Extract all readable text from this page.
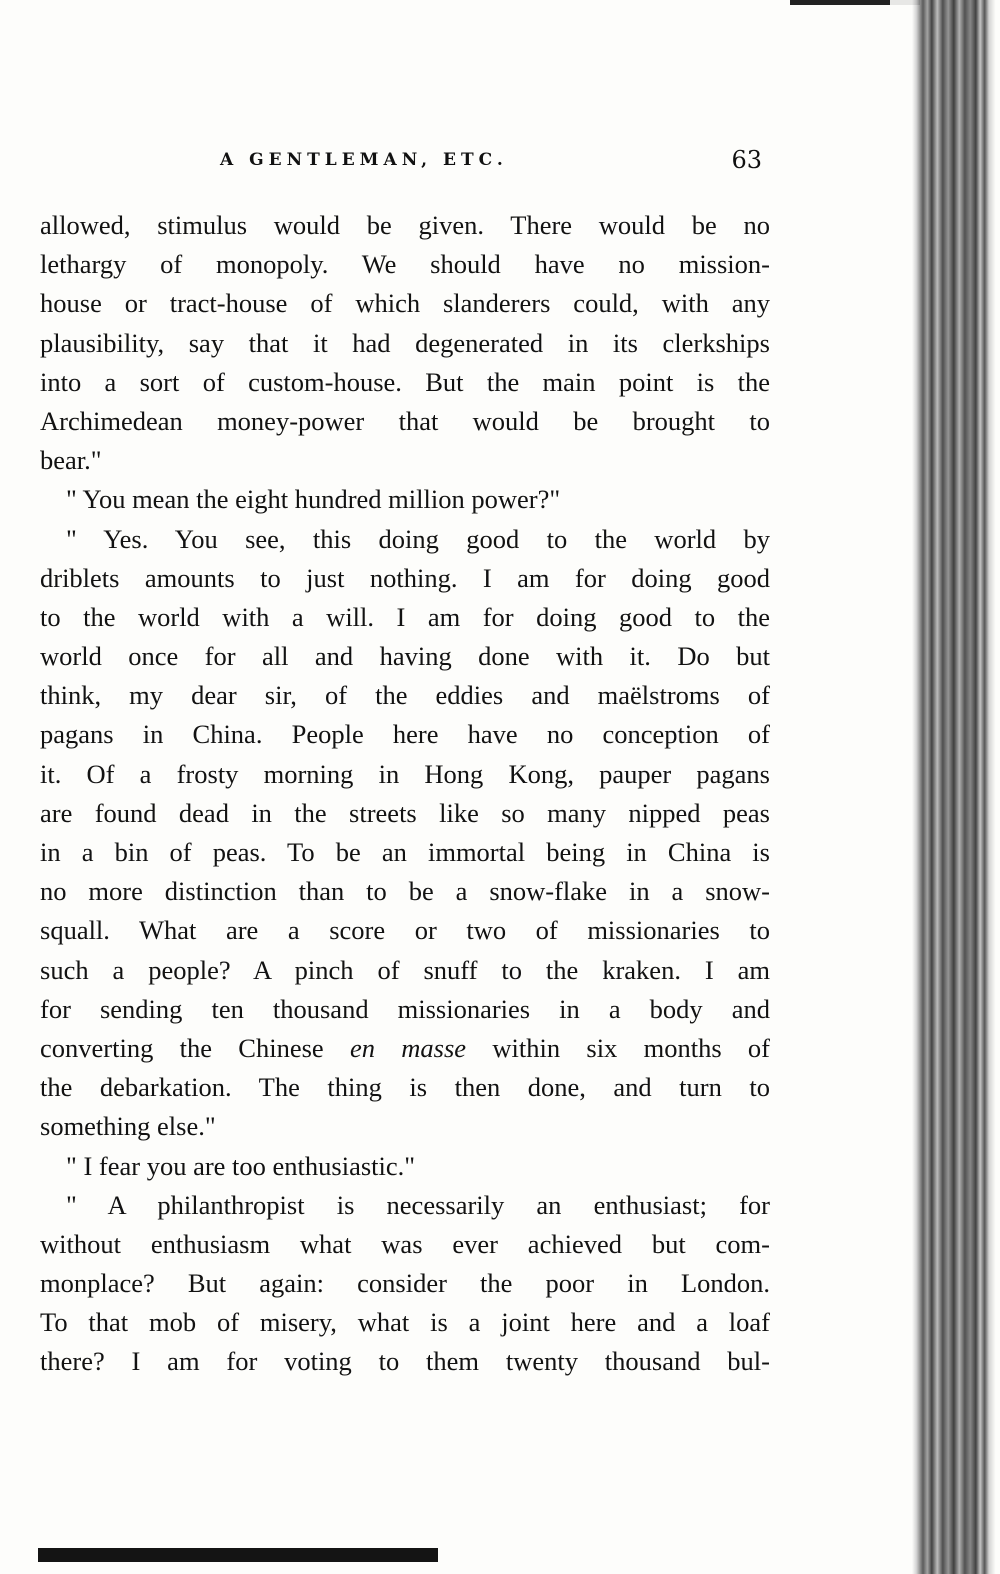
A GENTLEMAN, ETC.	63
allowed, stimulus would be given. There would be no
lethargy of monopoly. We should have no mission-
house or tract-house of which slanderers could, with any
plausibility, say that it had degenerated in its clerkships
into a sort of custom-house. But the main point is the
Archimedean money-power that would be brought to
bear."
" You mean the eight hundred million power?"
" Yes. You see, this doing good to the world by
driblets amounts to just nothing. I am for doing good
to the world with a will. I am for doing good to the
world once for all and having done with it. Do but
think, my dear sir, of the eddies and maëlstroms of
pagans in China. People here have no conception of
it. Of a frosty morning in Hong Kong, pauper pagans
are found dead in the streets like so many nipped peas
in a bin of peas. To be an immortal being in China is
no more distinction than to be a snow-flake in a snow-
squall. What are a score or two of missionaries to
such a people? A pinch of snuff to the kraken. I am
for sending ten thousand missionaries in a body and
converting the Chinese en masse within six months of
the debarkation. The thing is then done, and turn to
something else."
" I fear you are too enthusiastic."
" A philanthropist is necessarily an enthusiast; for
without enthusiasm what was ever achieved but com-
monplace? But again: consider the poor in London.
To that mob of misery, what is a joint here and a loaf
there? I am for voting to them twenty thousand bul-
